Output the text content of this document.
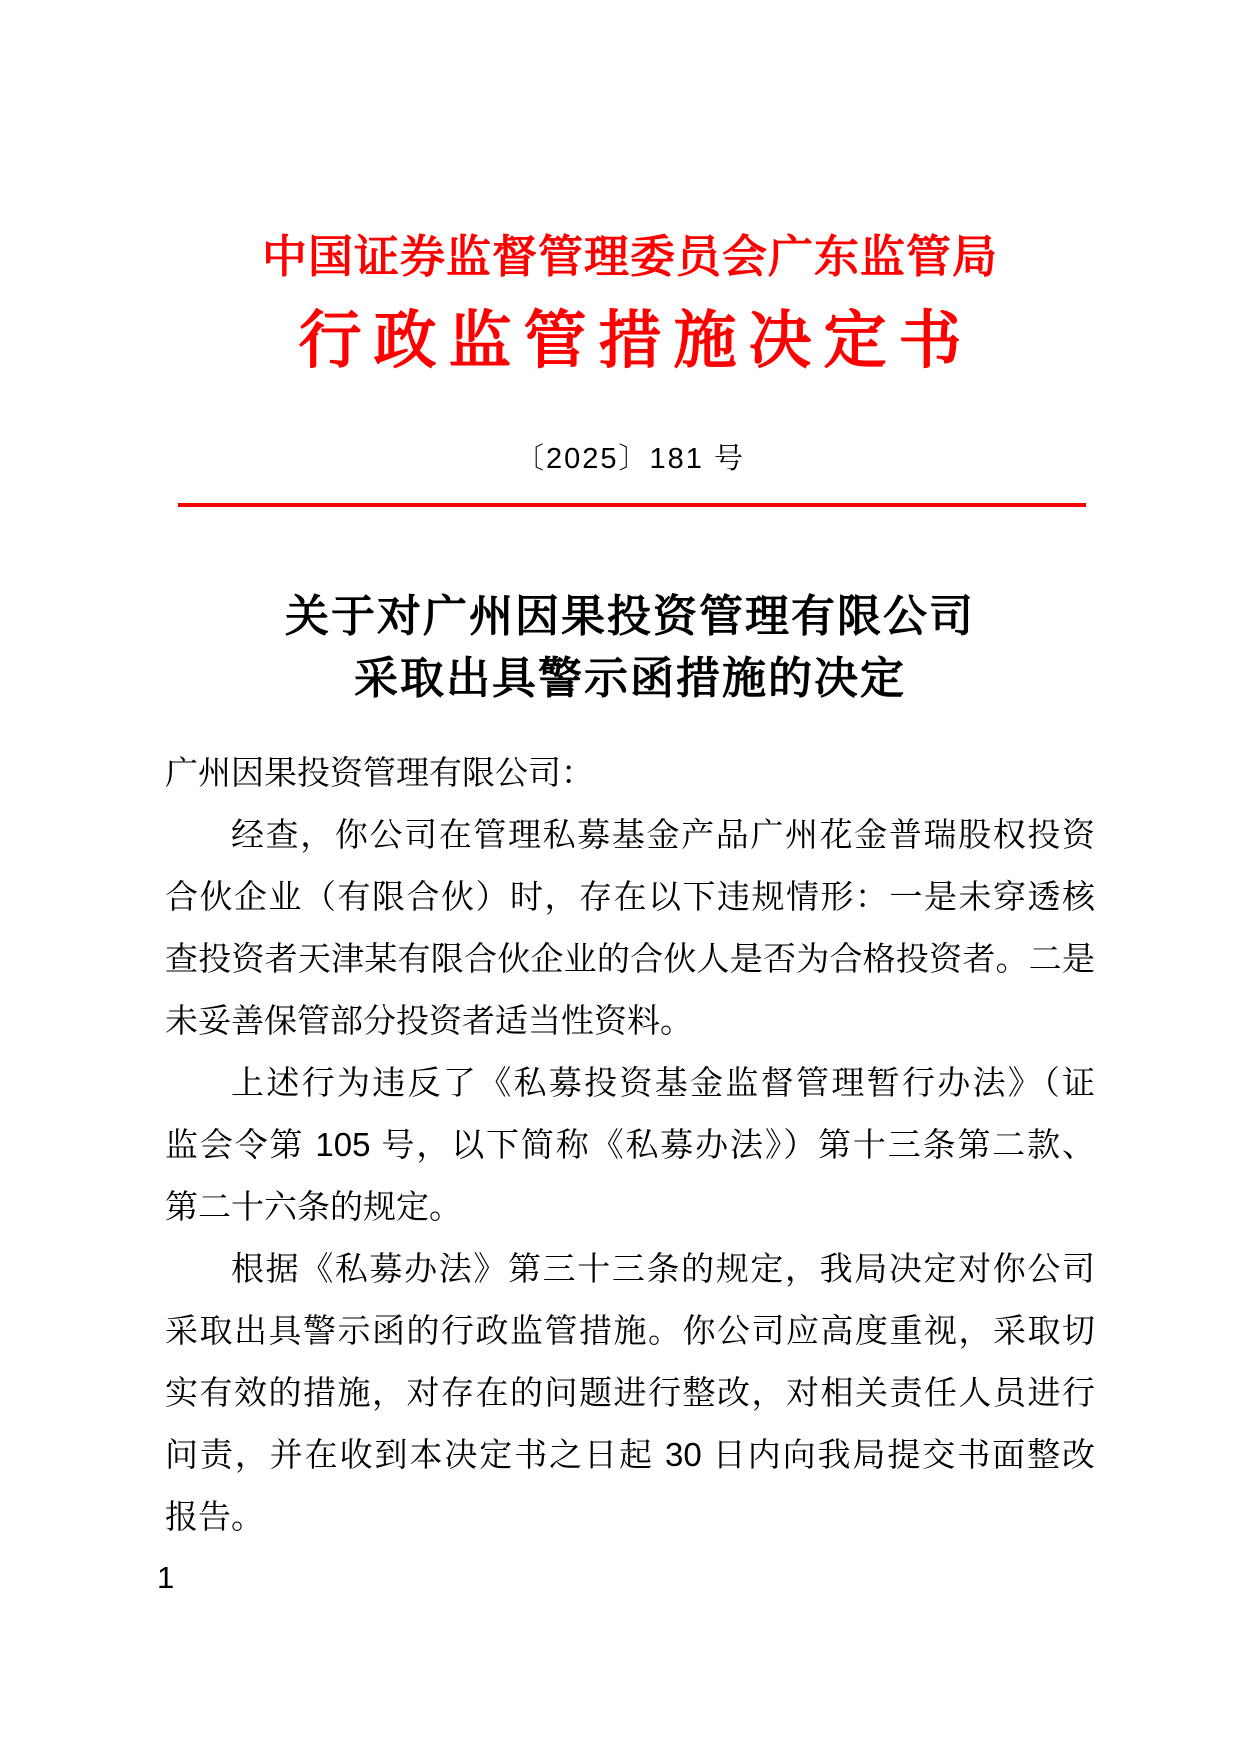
中国证券监督管理委员会广东监管局
行政监管措施决定书
〔2025〕181 号
关于对广州因果投资管理有限公司
采取出具警示函措施的决定
广州因果投资管理有限公司：
经查，你公司在管理私募基金产品广州花金普瑞股权投资
合伙企业（有限合伙）时，存在以下违规情形：一是未穿透核
查投资者天津某有限合伙企业的合伙人是否为合格投资者。二是
未妥善保管部分投资者适当性资料。
上述行为违反了《私募投资基金监督管理暂行办法》（证
监会令第 105 号，以下简称《私募办法》）第十三条第二款、
第二十六条的规定。
根据《私募办法》第三十三条的规定，我局决定对你公司
采取出具警示函的行政监管措施。你公司应高度重视，采取切
实有效的措施，对存在的问题进行整改，对相关责任人员进行
问责，并在收到本决定书之日起 30 日内向我局提交书面整改
报告。
1
